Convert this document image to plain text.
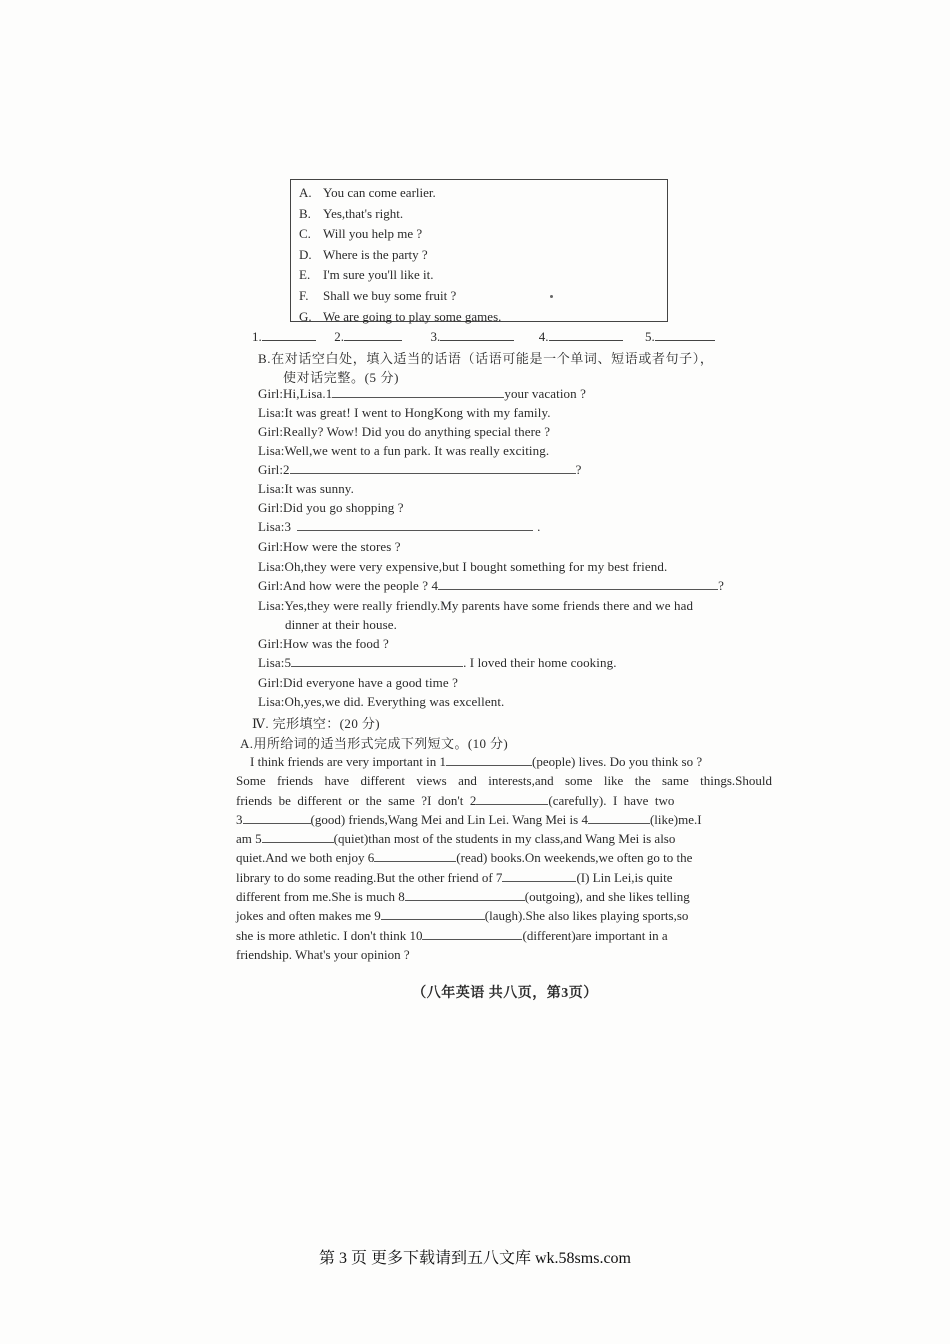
A. You can come earlier.
B. Yes,that's right.
C. Will you help me ?
D. Where is the party ?
E. I'm sure you'll like it.
F. Shall we buy some fruit ?
G. We are going to play some games.
1.	2.	3.	4.	5.
B.在对话空白处，填入适当的话语（话语可能是一个单词、短语或者句子），
使对话完整。(5 分)
Girl:Hi,Lisa.1	your vacation ?
Lisa:It was great! I went to HongKong with my family.
Girl:Really? Wow! Did you do anything special there ?
Lisa:Well,we went to a fun park. It was really exciting.
Girl:2	?
Lisa:It was sunny.
Girl:Did you go shopping ?
Lisa:3	.
Girl:How were the stores ?
Lisa:Oh,they were very expensive,but I bought something for my best friend.
Girl:And how were the people ? 4	?
Lisa:Yes,they were really friendly.My parents have some friends there and we had
dinner at their house.
Girl:How was the food ?
Lisa:5	. I loved their home cooking.
Girl:Did everyone have a good time ?
Lisa:Oh,yes,we did. Everything was excellent.
Ⅳ. 完形填空：(20 分)
A.用所给词的适当形式完成下列短文。(10 分)
I think friends are very important in 1	(people) lives. Do you think so ?
Some friends have different views and interests,and some like the same things.Should
friends  be  different  or  the  same  ?I  don't  2	(carefully).  I  have  two
3	(good) friends,Wang Mei and Lin Lei. Wang Mei is 4	(like)me.I
am 5	(quiet)than most of the students in my class,and Wang Mei is also
quiet.And we both enjoy 6	(read) books.On weekends,we often go to the
library to do some reading.But the other friend of 7	(I) Lin Lei,is quite
different from me.She is much 8	(outgoing), and she likes telling
jokes and often makes me 9	(laugh).She also likes playing sports,so
she is more athletic. I don't think 10	(different)are important in a
friendship. What's your opinion ?
（八年英语 共八页，第3页）
第 3 页 更多下载请到五八文库 wk.58sms.com
